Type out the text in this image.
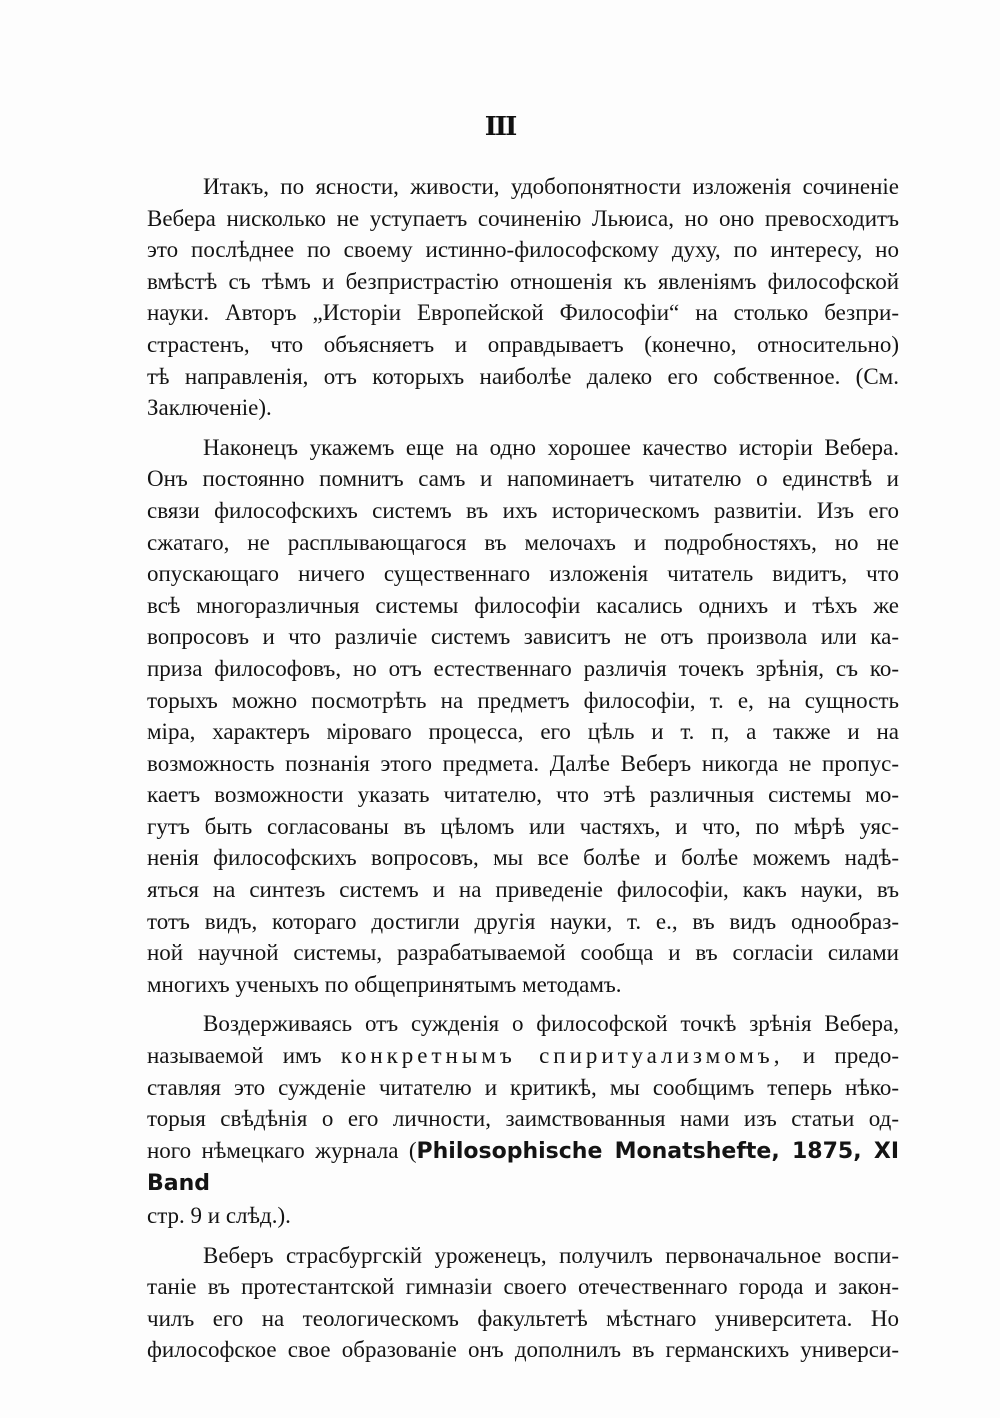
III

Итакъ, по ясности, живости, удобопонятности изложенія сочиненіе
Вебера нисколько не уступаетъ сочиненію Льюиса, но оно превосходитъ
это послѣднее по своему истинно-философскому духу, по интересу, но
вмѣстѣ съ тѣмъ и безпристрастію отношенія къ явленіямъ философской
науки. Авторъ „Исторіи Европейской Философіи“ на столько безпри-
страстенъ, что объясняетъ и оправдываетъ (конечно, относительно)
тѣ направленія, отъ которыхъ наиболѣе далеко его собственное. (См.
Заключеніе).

Наконецъ укажемъ еще на одно хорошее качество исторіи Вебера.
Онъ постоянно помнитъ самъ и напоминаетъ читателю о единствѣ и
связи философскихъ системъ въ ихъ историческомъ развитіи. Изъ его
сжатаго, не расплывающагося въ мелочахъ и подробностяхъ, но не
опускающаго ничего существеннаго изложенія читатель видитъ, что
всѣ многоразличныя системы философіи касались однихъ и тѣхъ же
вопросовъ и что различіе системъ зависитъ не отъ произвола или ка-
приза философовъ, но отъ естественнаго различія точекъ зрѣнія, съ ко-
торыхъ можно посмотрѣть на предметъ философіи, т. е, на сущность
міра, характеръ міроваго процесса, его цѣль и т. п, а также и на
возможность познанія этого предмета. Далѣе Веберъ никогда не пропус-
каетъ возможности указать читателю, что этѣ различныя системы мо-
гутъ быть согласованы въ цѣломъ или частяхъ, и что, по мѣрѣ уяс-
ненія философскихъ вопросовъ, мы все болѣе и болѣе можемъ надѣ-
яться на синтезъ системъ и на приведеніе философіи, какъ науки, въ
тотъ видъ, котораго достигли другія науки, т. е., въ видъ однообраз-
ной научной системы, разрабатываемой сообща и въ согласіи силами
многихъ ученыхъ по общепринятымъ методамъ.

Воздерживаясь отъ сужденія о философской точкѣ зрѣнія Вебера,
называемой имъ конкретнымъ спиритуализмомъ, и предо-
ставляя это сужденіе читателю и критикѣ, мы сообщимъ теперь нѣко-
торыя свѣдѣнія о его личности, заимствованныя нами изъ статьи од-
ного нѣмецкаго журнала (Philosophische Monatshefte, 1875, XI Band
стр. 9 и слѣд.).

Веберъ страсбургскій уроженецъ, получилъ первоначальное воспи-
таніе въ протестантской гимназіи своего отечественнаго города и закон-
чилъ его на теологическомъ факультетѣ мѣстнаго университета. Но
философское свое образованіе онъ дополнилъ въ германскихъ универси-
